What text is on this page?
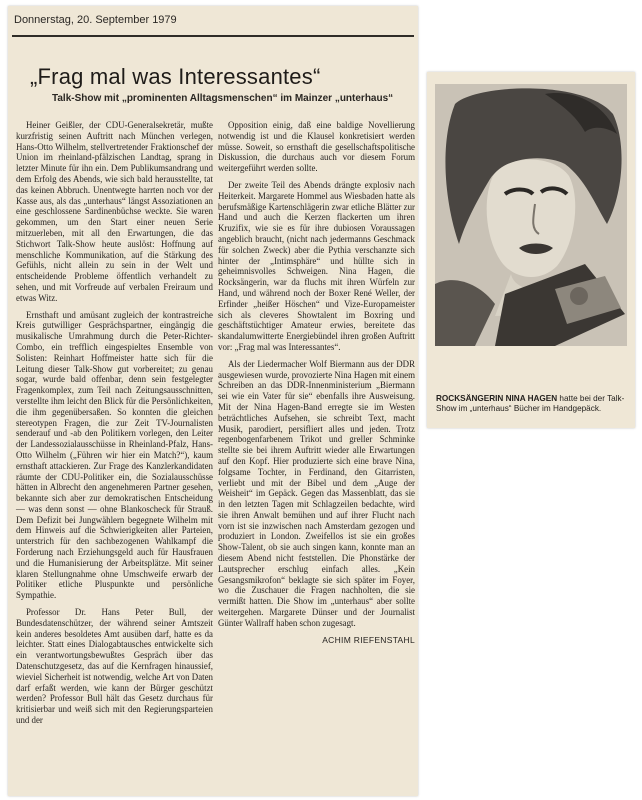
Donnerstag, 20. September 1979
„Frag mal was Interessantes“
Talk-Show mit „prominenten Alltagsmenschen“ im Mainzer „unterhaus“

Heiner Geißler, der CDU-Generalsekretär, mußte kurzfristig seinen Auftritt nach München verlegen, Hans-Otto Wilhelm, stellvertretender Fraktionschef der Union im rheinland-pfälzischen Landtag, sprang in letzter Minute für ihn ein. Dem Publikumsandrang und dem Erfolg des Abends, wie sich bald herausstellte, tat das keinen Abbruch. Unentwegte harrten noch vor der Kasse aus, als das „unterhaus“ längst Assoziationen an eine geschlossene Sardinenbüchse weckte. Sie waren gekommen, um den Start einer neuen Serie mitzuerleben, mit all den Erwartungen, die das Stichwort Talk-Show heute auslöst: Hoffnung auf menschliche Kommunikation, auf die Stärkung des Gefühls, nicht allein zu sein in der Welt und entscheidende Probleme öffentlich verhandelt zu sehen, und mit Vorfreude auf verbalen Freiraum und etwas Witz.

Ernsthaft und amüsant zugleich der kontrastreiche Kreis gutwilliger Gesprächspartner, eingängig die musikalische Umrahmung durch die Peter-Richter-Combo, ein trefflich eingespieltes Ensemble von Solisten: Reinhart Hoffmeister hatte sich für die Leitung dieser Talk-Show gut vorbereitet; zu genau sogar, wurde bald offenbar, denn sein festgelegter Fragenkomplex, zum Teil nach Zeitungsausschnitten, verstellte ihm leicht den Blick für die Persönlichkeiten, die ihm gegenübersaßen. So konnten die gleichen stereotypen Fragen, die zur Zeit TV-Journalisten senderauf und -ab den Politikern vorlegen, den Leiter der Landessozialausschüsse in Rheinland-Pfalz, Hans-Otto Wilhelm („Führen wir hier ein Match?“), kaum ernsthaft attackieren. Zur Frage des Kanzlerkandidaten räumte der CDU-Politiker ein, die Sozialausschüsse hätten in Albrecht den angenehmeren Partner gesehen, bekannte sich aber zur demokratischen Entscheidung — was denn sonst — ohne Blankoscheck für Strauß. Dem Defizit bei Jungwählern begegnete Wilhelm mit dem Hinweis auf die Schwierigkeiten aller Parteien, unterstrich für den sachbezogenen Wahlkampf die Forderung nach Erziehungsgeld auch für Hausfrauen und die Humanisierung der Arbeitsplätze. Mit seiner klaren Stellungnahme ohne Umschweife erwarb der Politiker etliche Pluspunkte und persönliche Sympathie.

Professor Dr. Hans Peter Bull, der Bundesdatenschützer, der während seiner Amtszeit kein anderes besoldetes Amt ausüben darf, hatte es da leichter. Statt eines Dialogabtausches entwickelte sich ein verantwortungsbewußtes Gespräch über das Datenschutzgesetz, das auf die Kernfragen hinaussief, wieviel Sicherheit ist notwendig, welche Art von Daten darf erfaßt werden, wie kann der Bürger geschützt werden? Professor Bull hält das Gesetz durchaus für kritisierbar und weiß sich mit den Regierungsparteien und der

Opposition einig, daß eine baldige Novellierung notwendig ist und die Klausel konkretisiert werden müsse. Soweit, so ernsthaft die gesellschaftspolitische Diskussion, die durchaus auch vor diesem Forum weitergeführt werden sollte.

Der zweite Teil des Abends drängte explosiv nach Heiterkeit. Margarete Hommel aus Wiesbaden hatte als berufsmäßige Kartenschlägerin zwar etliche Blätter zur Hand und auch die Kerzen flackerten um ihren Kruzifix, wie sie es für ihre dubiosen Voraussagen angeblich braucht, (nicht nach jedermanns Geschmack für solchen Zweck) aber die Pythia verschanzte sich hinter der „Intimsphäre“ und hüllte sich in geheimnisvolles Schweigen. Nina Hagen, die Rocksängerin, war da fluchs mit ihren Würfeln zur Hand, und während noch der Boxer René Weller, der Erfinder „heißer Höschen“ und Vize-Europameister sich als cleveres Showtalent im Boxring und geschäftstüchtiger Amateur erwies, bereitete das skandalumwitterte Energiebündel ihren großen Auftritt vor: „Frag mal was Interessantes“.

Als der Liedermacher Wolf Biermann aus der DDR ausgewiesen wurde, provozierte Nina Hagen mit einem Schreiben an das DDR-Innenministerium „Biermann sei wie ein Vater für sie“ ebenfalls ihre Ausweisung. Mit der Nina Hagen-Band erregte sie im Westen beträchtliches Aufsehen, sie schreibt Text, macht Musik, parodiert, persifliert alles und jeden. Trotz regenbogenfarbenem Trikot und greller Schminke stellte sie bei ihrem Auftritt wieder alle Erwartungen auf den Kopf. Hier produzierte sich eine brave Nina, folgsame Tochter, in Ferdinand, den Gitarristen, verliebt und mit der Bibel und dem „Auge der Weisheit“ im Gepäck. Gegen das Massenblatt, das sie in den letzten Tagen mit Schlagzeilen bedachte, wird sie ihren Anwalt bemühen und auf ihrer Flucht nach vorn ist sie inzwischen nach Amsterdam gezogen und produziert in London. Zweifellos ist sie ein großes Show-Talent, ob sie auch singen kann, konnte man an diesem Abend nicht feststellen. Die Phonstärke der Lautsprecher erschlug einfach alles. „Kein Gesangsmikrofon“ beklagte sie sich später im Foyer, wo die Zuschauer die Fragen nachholten, die sie vermißt hatten. Die Show im „unterhaus“ aber sollte weitergehen. Margarete Dünser und der Journalist Günter Wallraff haben schon zugesagt.

ACHIM RIEFENSTAHL
ROCKSÄNGERIN NINA HAGEN hatte bei der Talk-Show im „unterhaus“ Bücher im Handgepäck.
